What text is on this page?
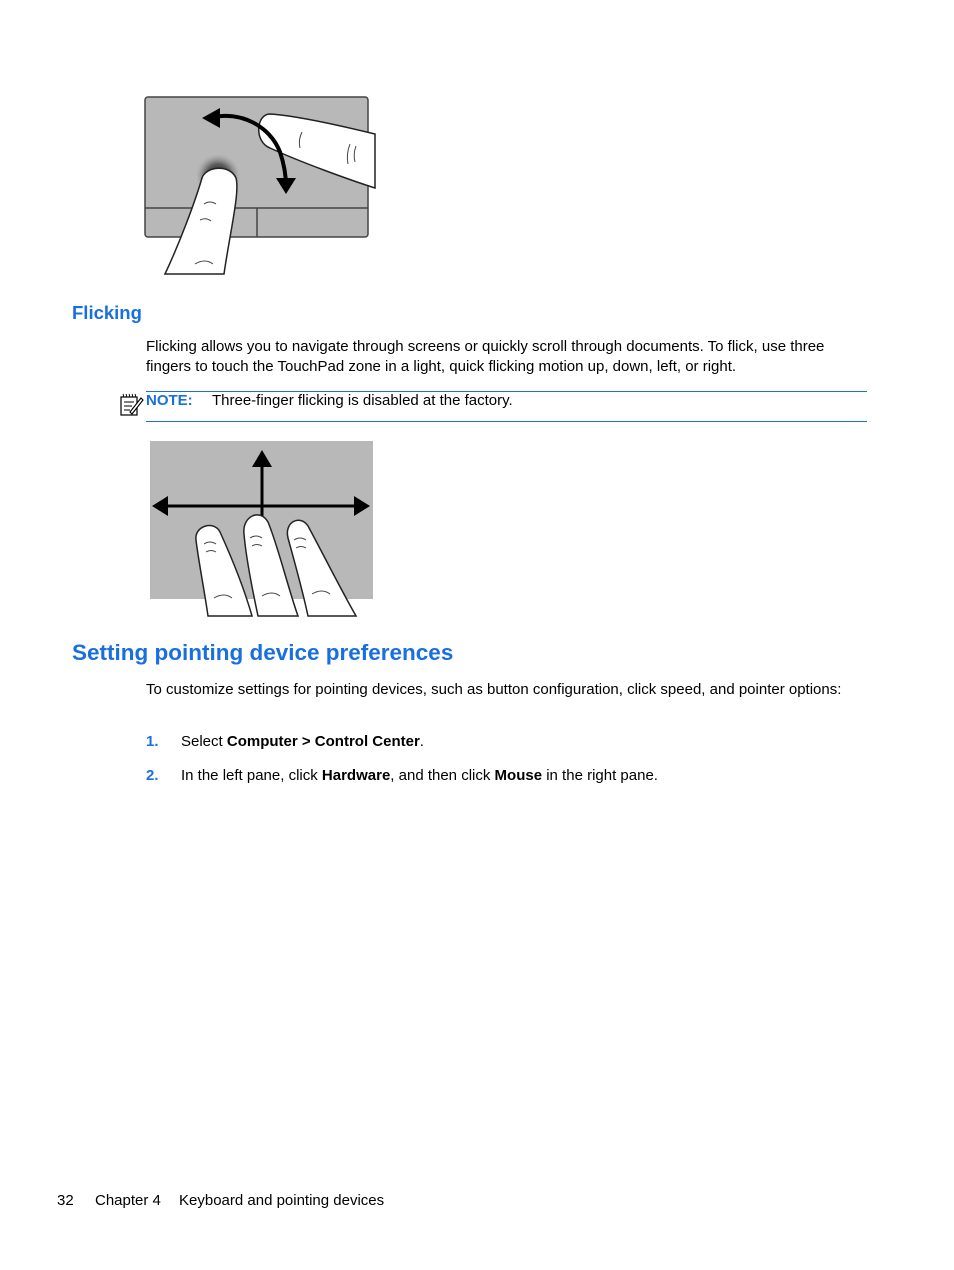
Flicking
Flicking allows you to navigate through screens or quickly scroll through documents. To flick, use three fingers to touch the TouchPad zone in a light, quick flicking motion up, down, left, or right.
NOTE: Three-finger flicking is disabled at the factory.
Setting pointing device preferences
To customize settings for pointing devices, such as button configuration, click speed, and pointer options:
1. Select Computer > Control Center.
2. In the left pane, click Hardware, and then click Mouse in the right pane.
32 Chapter 4 Keyboard and pointing devices
